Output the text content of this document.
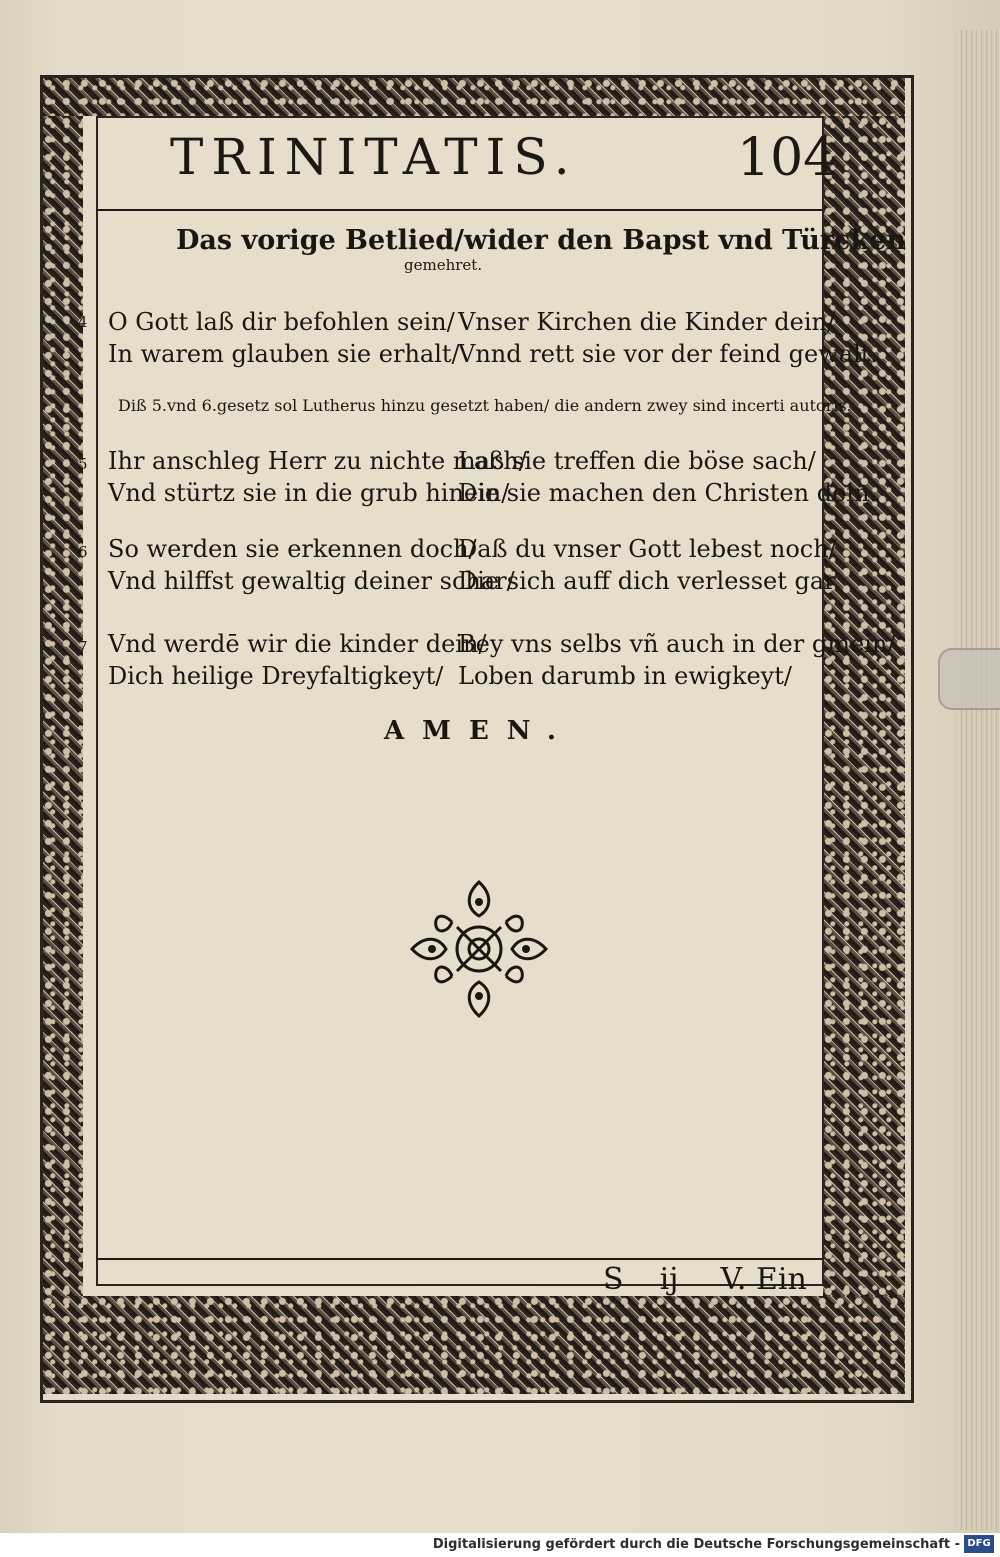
TRINITATIS.	104
Das vorige Betlied/wider den Bapst vnd Türcken
gemehret.
4 O Gott laß dir befohlen sein/ Vnser Kirchen die Kinder dein/
In warem glauben sie erhalt/
Vnnd rett sie vor der feind gewalt.
Diß 5.vnd 6.gesetz sol Lutherus hinzu gesetzt haben/ die andern zwey sind incerti autoris.
5 Ihr anschleg Herr zu nichte mach/
Laß sie treffen die böse sach/
Vnd stürtz sie in die grub hinein/
Die sie machen den Christen dein.
6 So werden sie erkennen doch/
Daß du vnser Gott lebest noch/
Vnd hilffst gewaltig deiner schar/
Die sich auff dich verlesset gar.
7 Vnd werdē wir die kinder dein/
Bey vns selbs vñ auch in der gmein/
Dich heilige Dreyfaltigkeyt/ Loben darumb in ewigkeyt/
AMEN.
S ij V. Ein
Digitalisierung gefördert durch die Deutsche Forschungsgemeinschaft - DFG
